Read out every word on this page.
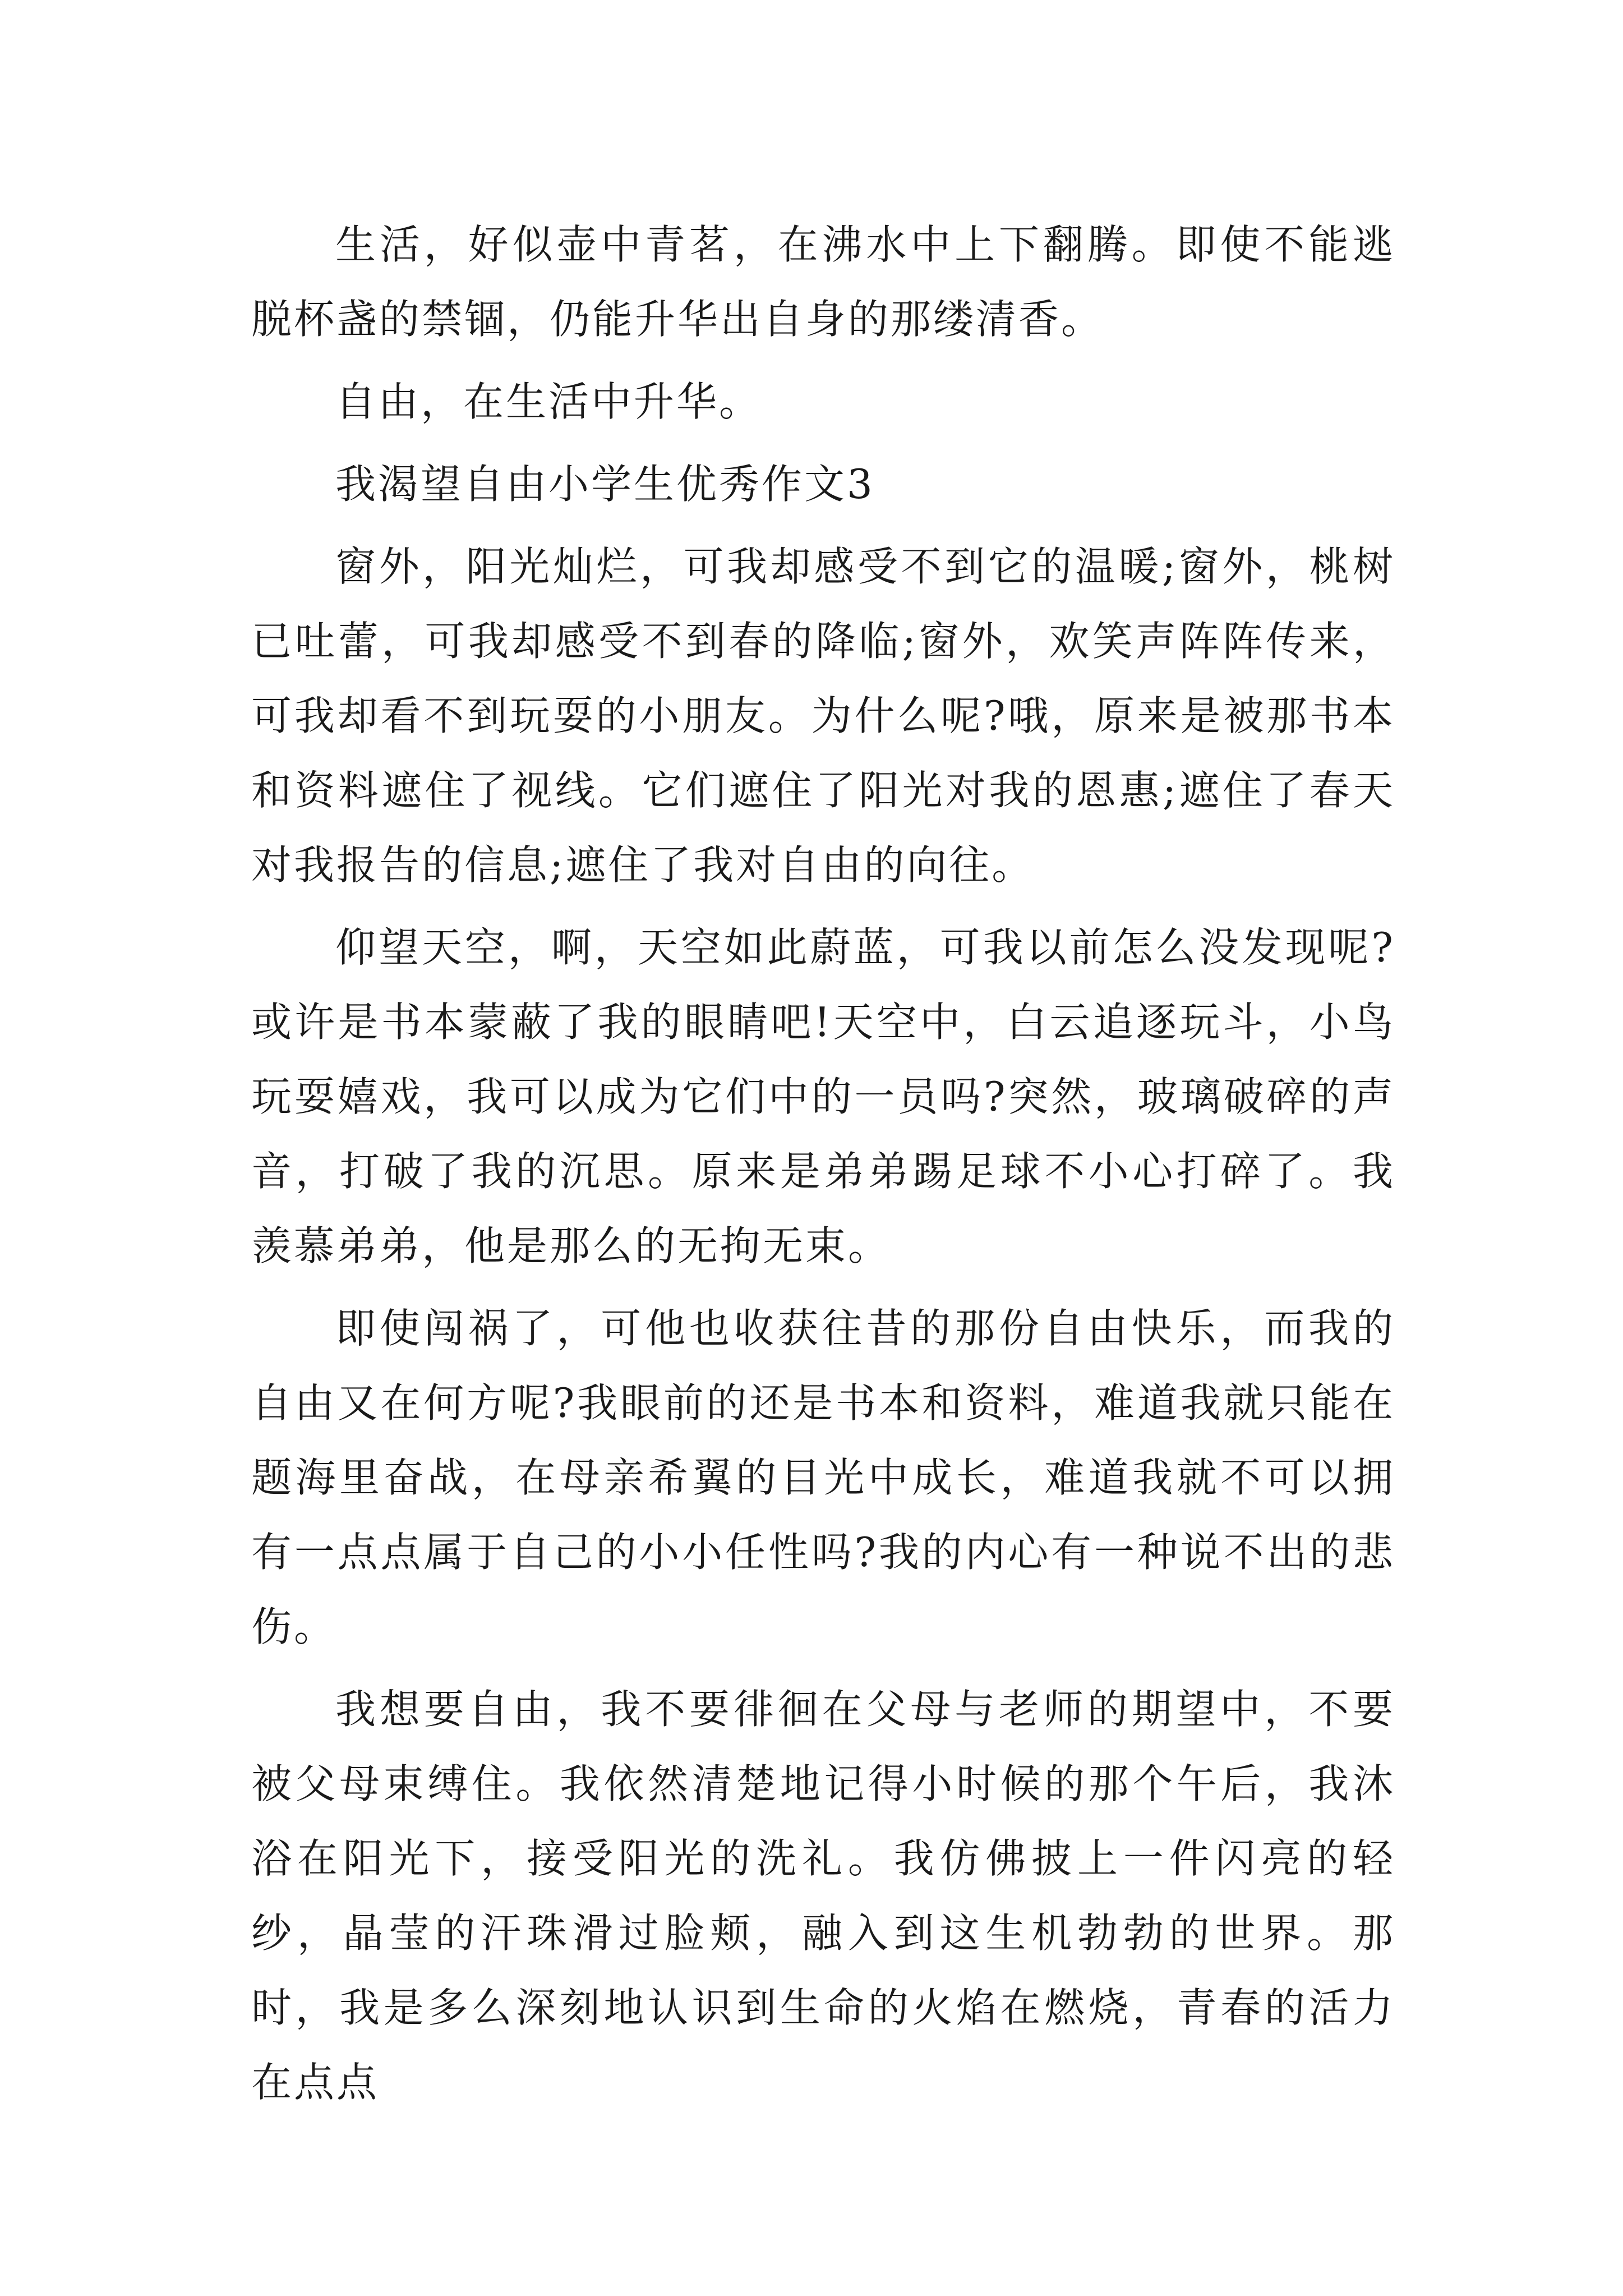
生活，好似壶中青茗，在沸水中上下翻腾。即使不能逃脱杯盏的禁锢，仍能升华出自身的那缕清香。

自由，在生活中升华。

我渴望自由小学生优秀作文3

窗外，阳光灿烂，可我却感受不到它的温暖;窗外，桃树已吐蕾，可我却感受不到春的降临;窗外，欢笑声阵阵传来，可我却看不到玩耍的小朋友。为什么呢?哦，原来是被那书本和资料遮住了视线。它们遮住了阳光对我的恩惠;遮住了春天对我报告的信息;遮住了我对自由的向往。

仰望天空，啊，天空如此蔚蓝，可我以前怎么没发现呢?或许是书本蒙蔽了我的眼睛吧!天空中，白云追逐玩斗，小鸟玩耍嬉戏，我可以成为它们中的一员吗?突然，玻璃破碎的声音，打破了我的沉思。原来是弟弟踢足球不小心打碎了。我羡慕弟弟，他是那么的无拘无束。

即使闯祸了，可他也收获往昔的那份自由快乐，而我的自由又在何方呢?我眼前的还是书本和资料，难道我就只能在题海里奋战，在母亲希翼的目光中成长，难道我就不可以拥有一点点属于自己的小小任性吗?我的内心有一种说不出的悲伤。

我想要自由，我不要徘徊在父母与老师的期望中，不要被父母束缚住。我依然清楚地记得小时候的那个午后，我沐浴在阳光下，接受阳光的洗礼。我仿佛披上一件闪亮的轻纱，晶莹的汗珠滑过脸颊，融入到这生机勃勃的世界。那时，我是多么深刻地认识到生命的火焰在燃烧，青春的活力在点点
